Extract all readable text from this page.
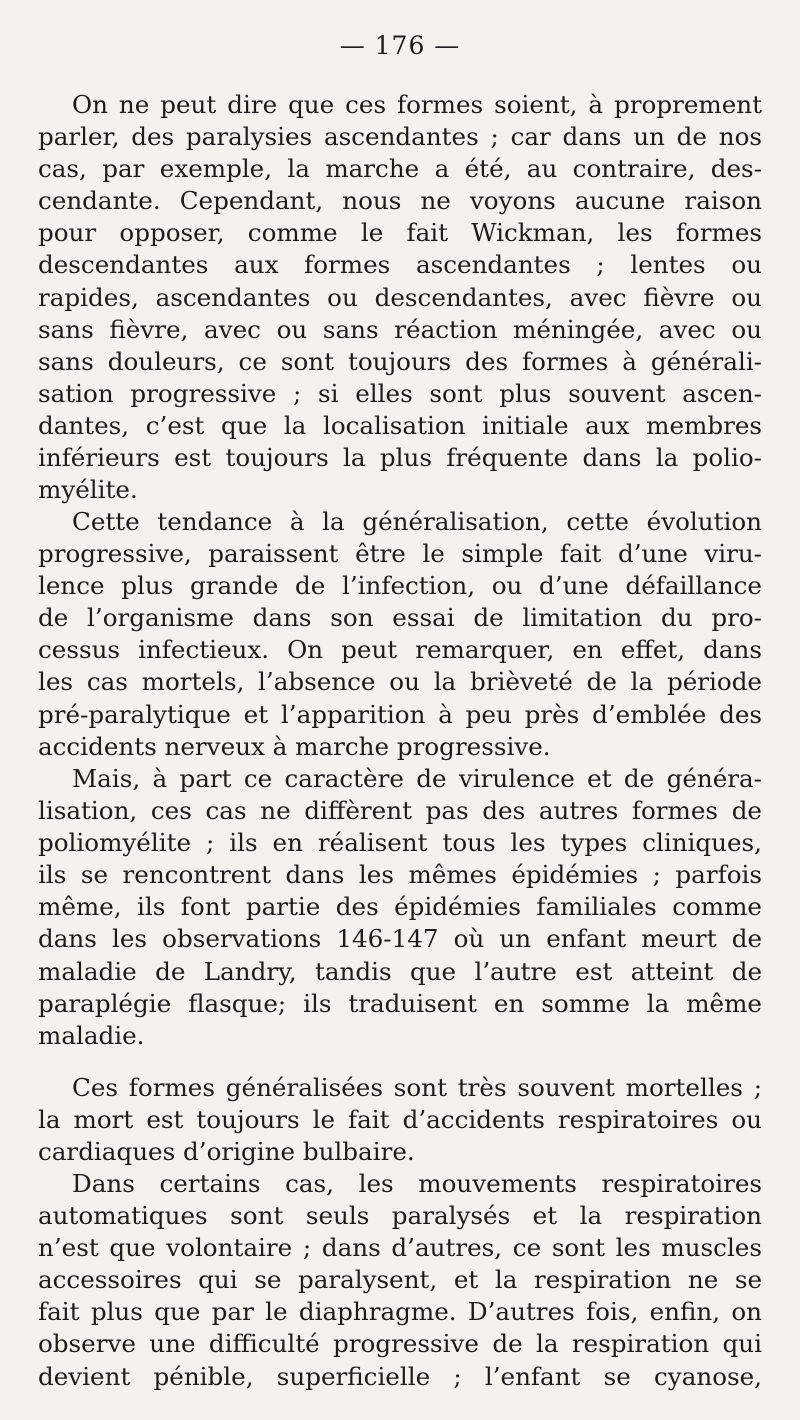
— 176 —
On ne peut dire que ces formes soient, à proprement
parler, des paralysies ascendantes ; car dans un de nos
cas, par exemple, la marche a été, au contraire, des-
cendante. Cependant, nous ne voyons aucune raison
pour opposer, comme le fait Wickman, les formes
descendantes aux formes ascendantes ; lentes ou
rapides, ascendantes ou descendantes, avec fièvre ou
sans fièvre, avec ou sans réaction méningée, avec ou
sans douleurs, ce sont toujours des formes à générali-
sation progressive ; si elles sont plus souvent ascen-
dantes, c’est que la localisation initiale aux membres
inférieurs est toujours la plus fréquente dans la polio-
myélite.
Cette tendance à la généralisation, cette évolution
progressive, paraissent être le simple fait d’une viru-
lence plus grande de l’infection, ou d’une défaillance
de l’organisme dans son essai de limitation du pro-
cessus infectieux. On peut remarquer, en effet, dans
les cas mortels, l’absence ou la brièveté de la période
pré-paralytique et l’apparition à peu près d’emblée des
accidents nerveux à marche progressive.
Mais, à part ce caractère de virulence et de généra-
lisation, ces cas ne diffèrent pas des autres formes de
poliomyélite ; ils en réalisent tous les types cliniques,
ils se rencontrent dans les mêmes épidémies ; parfois
même, ils font partie des épidémies familiales comme
dans les observations 146-147 où un enfant meurt de
maladie de Landry, tandis que l’autre est atteint de
paraplégie flasque; ils traduisent en somme la même
maladie.
Ces formes généralisées sont très souvent mortelles ;
la mort est toujours le fait d’accidents respiratoires ou
cardiaques d’origine bulbaire.
Dans certains cas, les mouvements respiratoires
automatiques sont seuls paralysés et la respiration
n’est que volontaire ; dans d’autres, ce sont les muscles
accessoires qui se paralysent, et la respiration ne se
fait plus que par le diaphragme. D’autres fois, enfin, on
observe une difficulté progressive de la respiration qui
devient pénible, superficielle ; l’enfant se cyanose,
